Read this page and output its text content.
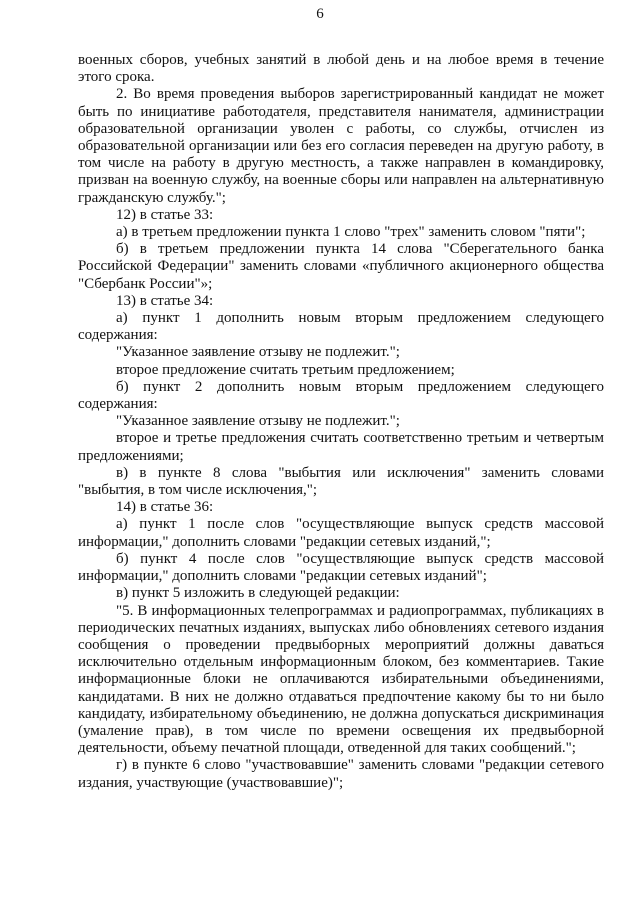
6

военных сборов, учебных занятий в любой день и на любое время в течение этого срока.

2. Во время проведения выборов зарегистрированный кандидат не может быть по инициативе работодателя, представителя нанимателя, администрации образовательной организации уволен с работы, со службы, отчислен из образовательной организации или без его согласия переведен на другую работу, в том числе на работу в другую местность, а также направлен в командировку, призван на военную службу, на военные сборы или направлен на альтернативную гражданскую службу.";

12) в статье 33:

а) в третьем предложении пункта 1 слово "трех" заменить словом "пяти";

б) в третьем предложении пункта 14 слова "Сберегательного банка Российской Федерации" заменить словами «публичного акционерного общества "Сбербанк России"»;

13) в статье 34:

а) пункт 1 дополнить новым вторым предложением следующего содержания:

"Указанное заявление отзыву не подлежит.";

второе предложение считать третьим предложением;

б) пункт 2 дополнить новым вторым предложением следующего содержания:

"Указанное заявление отзыву не подлежит.";

второе и третье предложения считать соответственно третьим и четвертым предложениями;

в) в пункте 8 слова "выбытия или исключения" заменить словами "выбытия, в том числе исключения,";

14) в статье 36:

а) пункт 1 после слов "осуществляющие выпуск средств массовой информации," дополнить словами "редакции сетевых изданий,";

б) пункт 4 после слов "осуществляющие выпуск средств массовой информации," дополнить словами "редакции сетевых изданий";

в) пункт 5 изложить в следующей редакции:

"5. В информационных телепрограммах и радиопрограммах, публикациях в периодических печатных изданиях, выпусках либо обновлениях сетевого издания сообщения о проведении предвыборных мероприятий должны даваться исключительно отдельным информационным блоком, без комментариев. Такие информационные блоки не оплачиваются избирательными объединениями, кандидатами. В них не должно отдаваться предпочтение какому бы то ни было кандидату, избирательному объединению, не должна допускаться дискриминация (умаление прав), в том числе по времени освещения их предвыборной деятельности, объему печатной площади, отведенной для таких сообщений.";

г) в пункте 6 слово "участвовавшие" заменить словами "редакции сетевого издания, участвующие (участвовавшие)";
